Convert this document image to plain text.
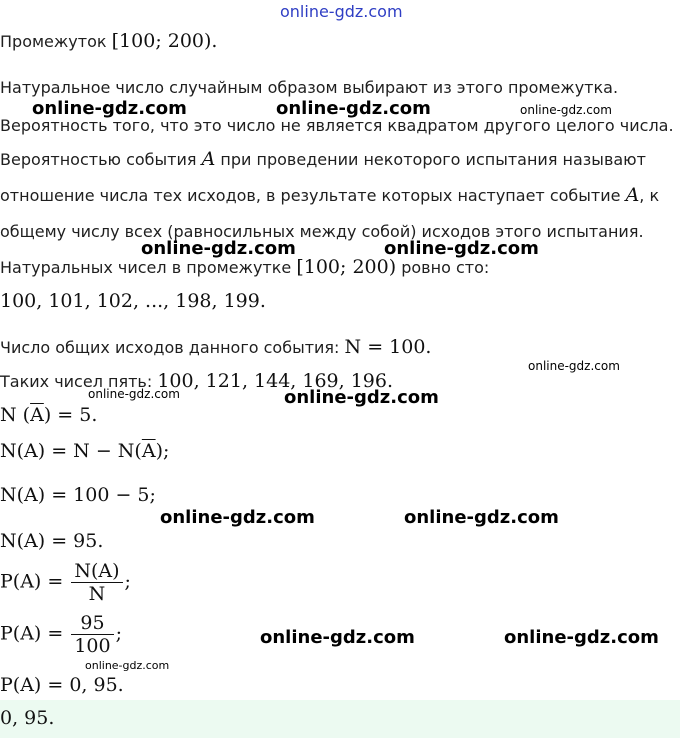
Промежуток [100; 200).
Натуральное число случайным образом выбирают из этого промежутка.
Вероятность того, что это число не является квадратом другого целого числа.
Вероятностью события A при проведении некоторого испытания называют
отношение числа тех исходов, в результате которых наступает событие A, к
общему числу всех (равносильных между собой) исходов этого испытания.
Натуральных чисел в промежутке [100; 200) ровно сто:
100, 101, 102, ..., 198, 199.
Число общих исходов данного события: N = 100.
Таких чисел пять: 100, 121, 144, 169, 196.
N $(\overline{A}) = 5$.
$N(A) = N - N(\overline{A})$;
N(A) = 100 − 5;
N(A) = 95.
$P(A) = \frac{N(A)}{N}$ ;
$P(A) = \frac{95}{100}$ ;
P(A) = 0, 95.
0, 95.
online-gdz.com
online-gdz.com	online-gdz.com	online-gdz.com
online-gdz.com	online-gdz.com
online-gdz.com
online-gdz.com	online-gdz.com
online-gdz.com	online-gdz.com
online-gdz.com	online-gdz.com
online-gdz.com
